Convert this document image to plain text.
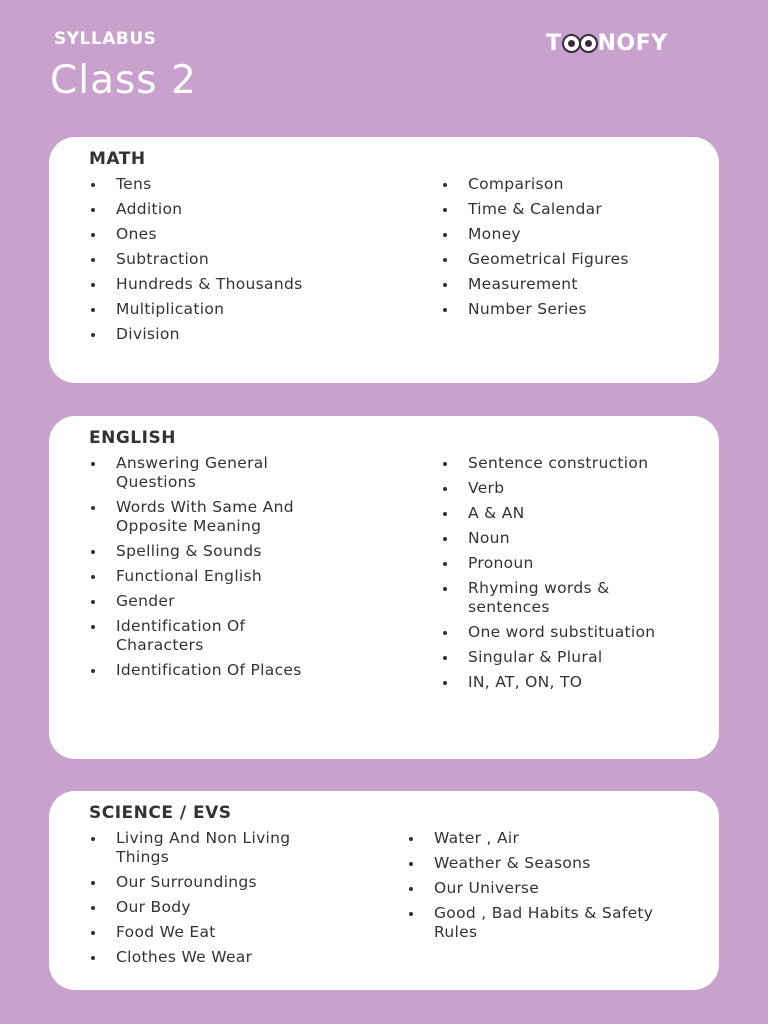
SYLLABUS
Class 2
T NOFY
MATH
Tens
Addition
Ones
Subtraction
Hundreds & Thousands
Multiplication
Division
Comparison
Time & Calendar
Money
Geometrical Figures
Measurement
Number Series
ENGLISH
Answering General Questions
Words With Same And Opposite Meaning
Spelling & Sounds
Functional English
Gender
Identification Of Characters
Identification Of Places
Sentence construction
Verb
A & AN
Noun
Pronoun
Rhyming words & sentences
One word substituation
Singular & Plural
IN, AT, ON, TO
SCIENCE / EVS
Living And Non Living Things
Our Surroundings
Our Body
Food We Eat
Clothes We Wear
Water , Air
Weather & Seasons
Our Universe
Good , Bad Habits & Safety Rules
